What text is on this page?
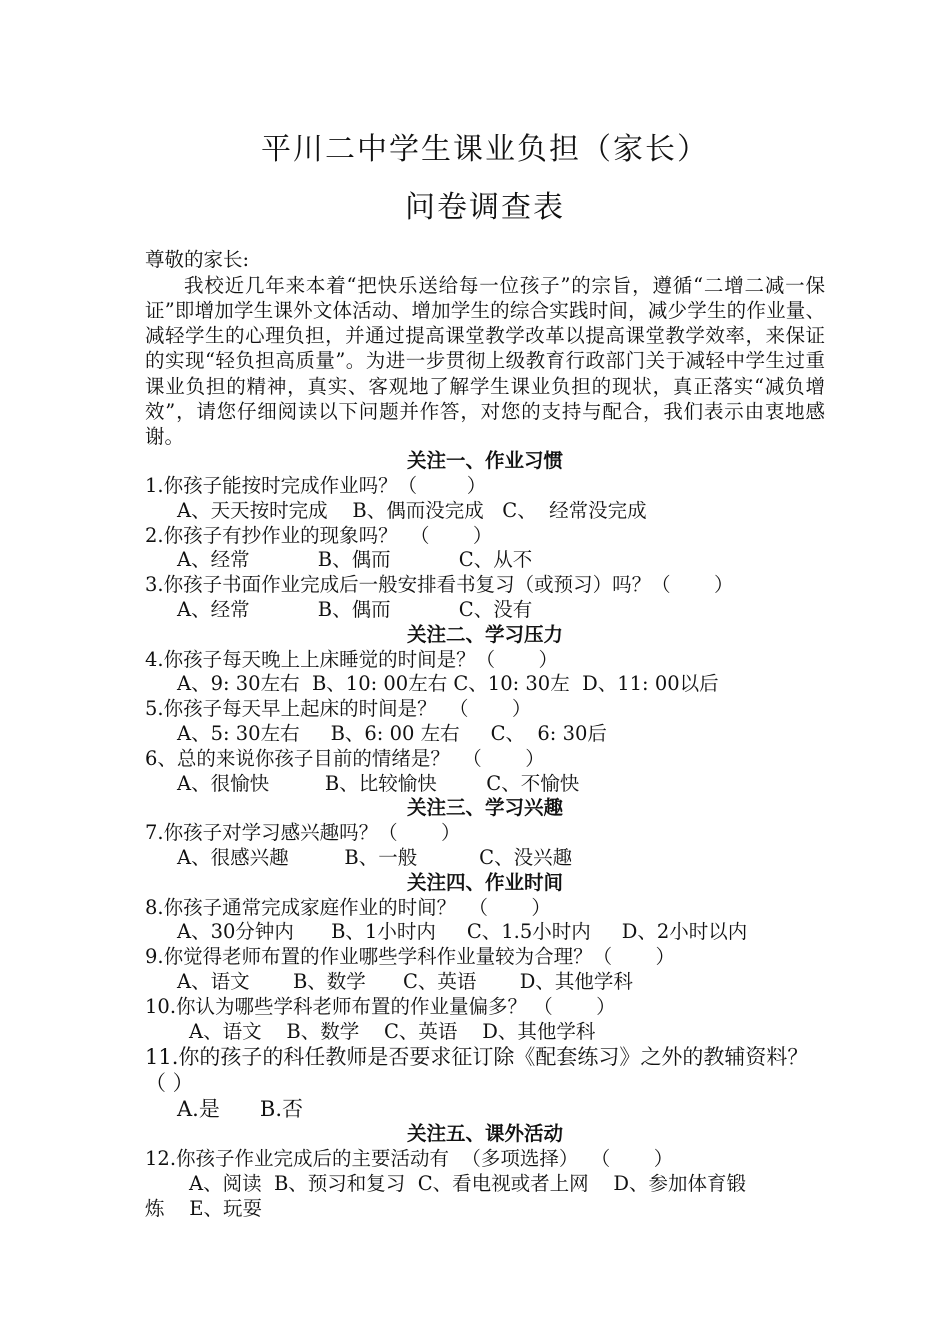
平川二中学生课业负担（家长）
问卷调查表
尊敬的家长:
我校近几年来本着“把快乐送给每一位孩子”的宗旨，遵循“二增二减一保证”即增加学生课外文体活动、增加学生的综合实践时间，减少学生的作业量、减轻学生的心理负担，并通过提高课堂教学改革以提高课堂教学效率，来保证的实现“轻负担高质量”。为进一步贯彻上级教育行政部门关于减轻中学生过重课业负担的精神，真实、客观地了解学生课业负担的现状，真正落实“减负增效”，请您仔细阅读以下问题并作答，对您的支持与配合，我们表示由衷地感谢。
关注一、作业习惯
1.你孩子能按时完成作业吗？（        ）
A、天天按时完成    B、偶而没完成   C、  经常没完成
2.你孩子有抄作业的现象吗？  （       ）
A、经常           B、偶而           C、从不
3.你孩子书面作业完成后一般安排看书复习（或预习）吗？（       ）
A、经常           B、偶而           C、没有
关注二、学习压力
4.你孩子每天晚上上床睡觉的时间是？（       ）
A、9: 30左右  B、10: 00左右 C、10: 30左  D、11: 00以后
5.你孩子每天早上起床的时间是？  （       ）
A、5: 30左右     B、6: 00 左右     C、  6: 30后
6、总的来说你孩子目前的情绪是？  （       ）
A、很愉快         B、比较愉快        C、不愉快
关注三、学习兴趣
7.你孩子对学习感兴趣吗？（       ）
A、很感兴趣         B、一般          C、没兴趣
关注四、作业时间
8.你孩子通常完成家庭作业的时间？  （       ）
A、30分钟内      B、1小时内     C、1.5小时内     D、2小时以内
9.你觉得老师布置的作业哪些学科作业量较为合理？（       ）
A、语文       B、数学      C、英语       D、其他学科
10.你认为哪些学科老师布置的作业量偏多？ （       ）
A、语文    B、数学    C、英语    D、其他学科
11.你的孩子的科任教师是否要求征订除《配套练习》之外的教辅资料？（ ）
A.是      B.否
关注五、课外活动
12.你孩子作业完成后的主要活动有  （多项选择）  （       ）
A、阅读  B、预习和复习  C、看电视或者上网    D、参加体育锻
炼    E、玩耍
